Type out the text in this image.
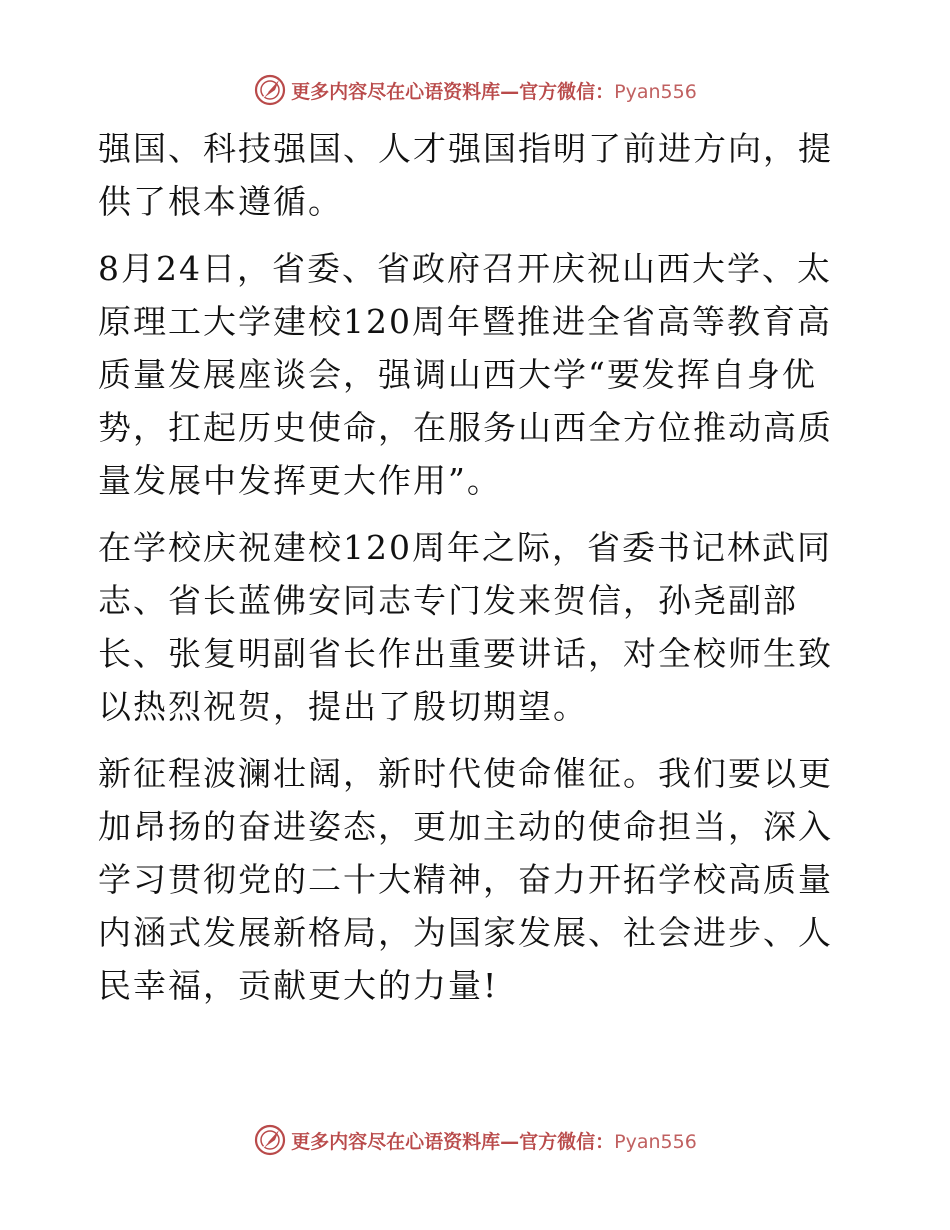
更多内容尽在心语资料库—官方微信：Pyan556

强国、科技强国、人才强国指明了前进方向，提供了根本遵循。

8月24日，省委、省政府召开庆祝山西大学、太原理工大学建校120周年暨推进全省高等教育高质量发展座谈会，强调山西大学“要发挥自身优势，扛起历史使命，在服务山西全方位推动高质量发展中发挥更大作用”。

在学校庆祝建校120周年之际，省委书记林武同志、省长蓝佛安同志专门发来贺信，孙尧副部长、张复明副省长作出重要讲话，对全校师生致以热烈祝贺，提出了殷切期望。

新征程波澜壮阔，新时代使命催征。我们要以更加昂扬的奋进姿态，更加主动的使命担当，深入学习贯彻党的二十大精神，奋力开拓学校高质量内涵式发展新格局，为国家发展、社会进步、人民幸福，贡献更大的力量!

更多内容尽在心语资料库—官方微信：Pyan556
